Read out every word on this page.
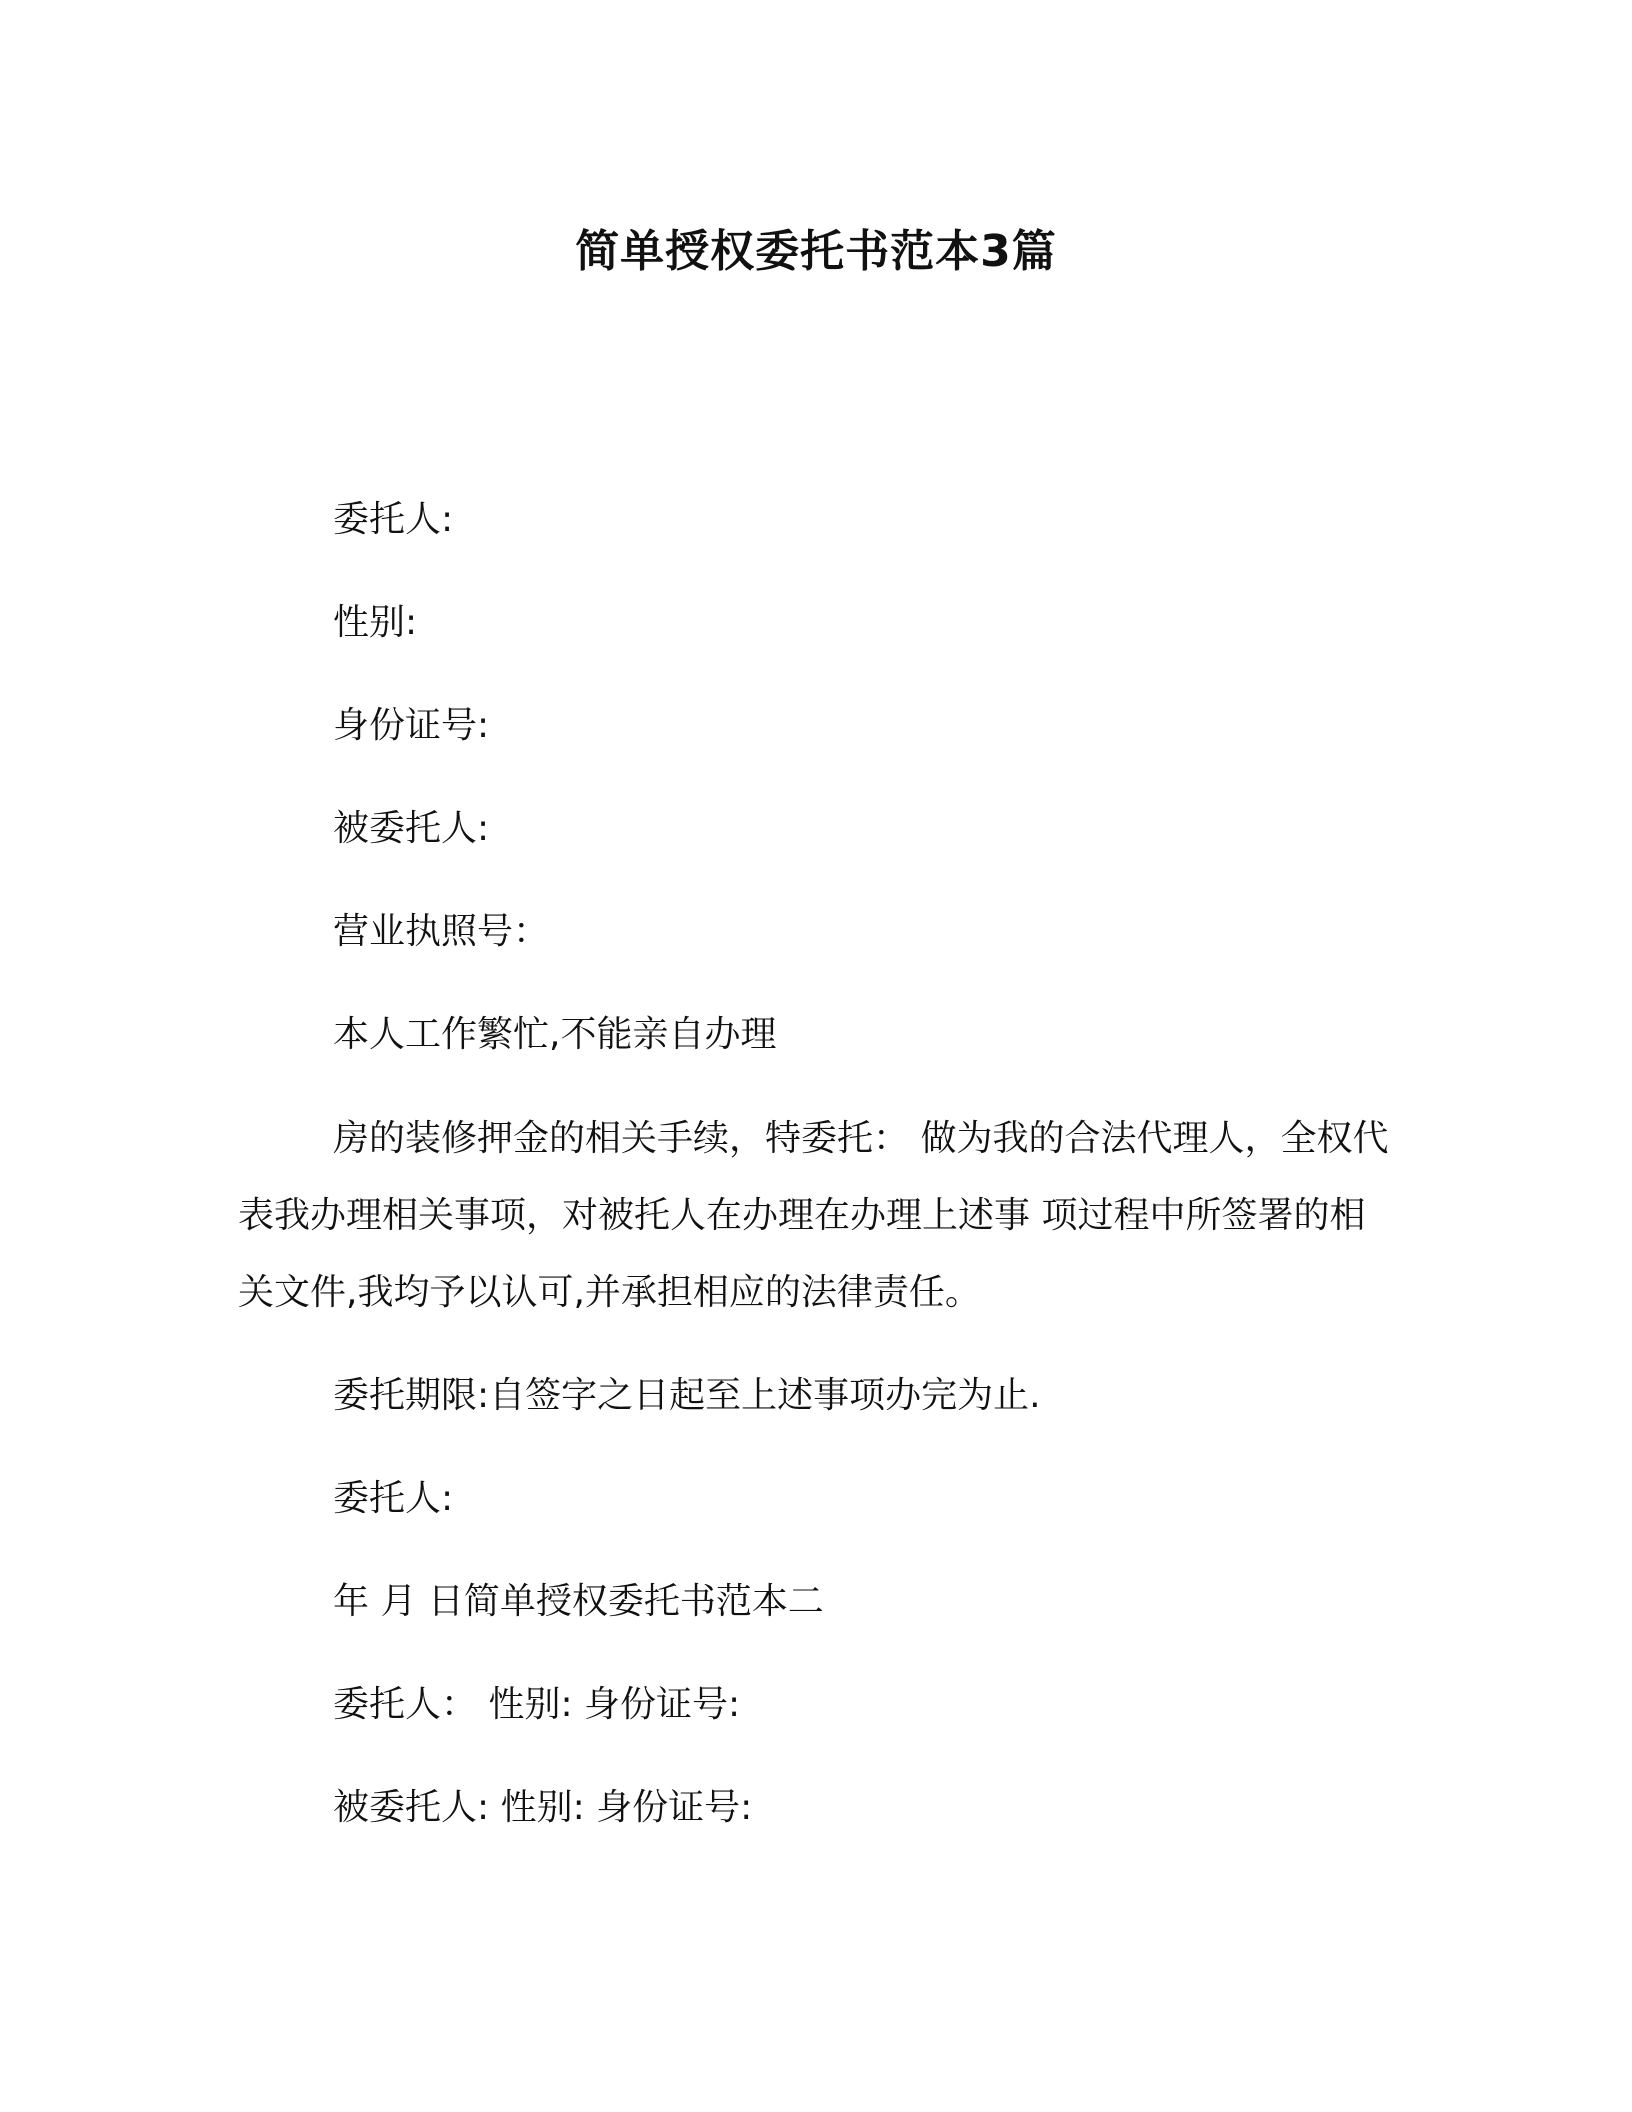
简单授权委托书范本3篇

委托人:

性别:

身份证号:

被委托人:

营业执照号：

本人工作繁忙,不能亲自办理

房的装修押金的相关手续，特委托： 做为我的合法代理人，全权代表我办理相关事项，对被托人在办理在办理上述事 项过程中所签署的相关文件,我均予以认可,并承担相应的法律责任。

委托期限:自签字之日起至上述事项办完为止.

委托人:

年 月 日简单授权委托书范本二

委托人： 性别: 身份证号:

被委托人: 性别: 身份证号:
